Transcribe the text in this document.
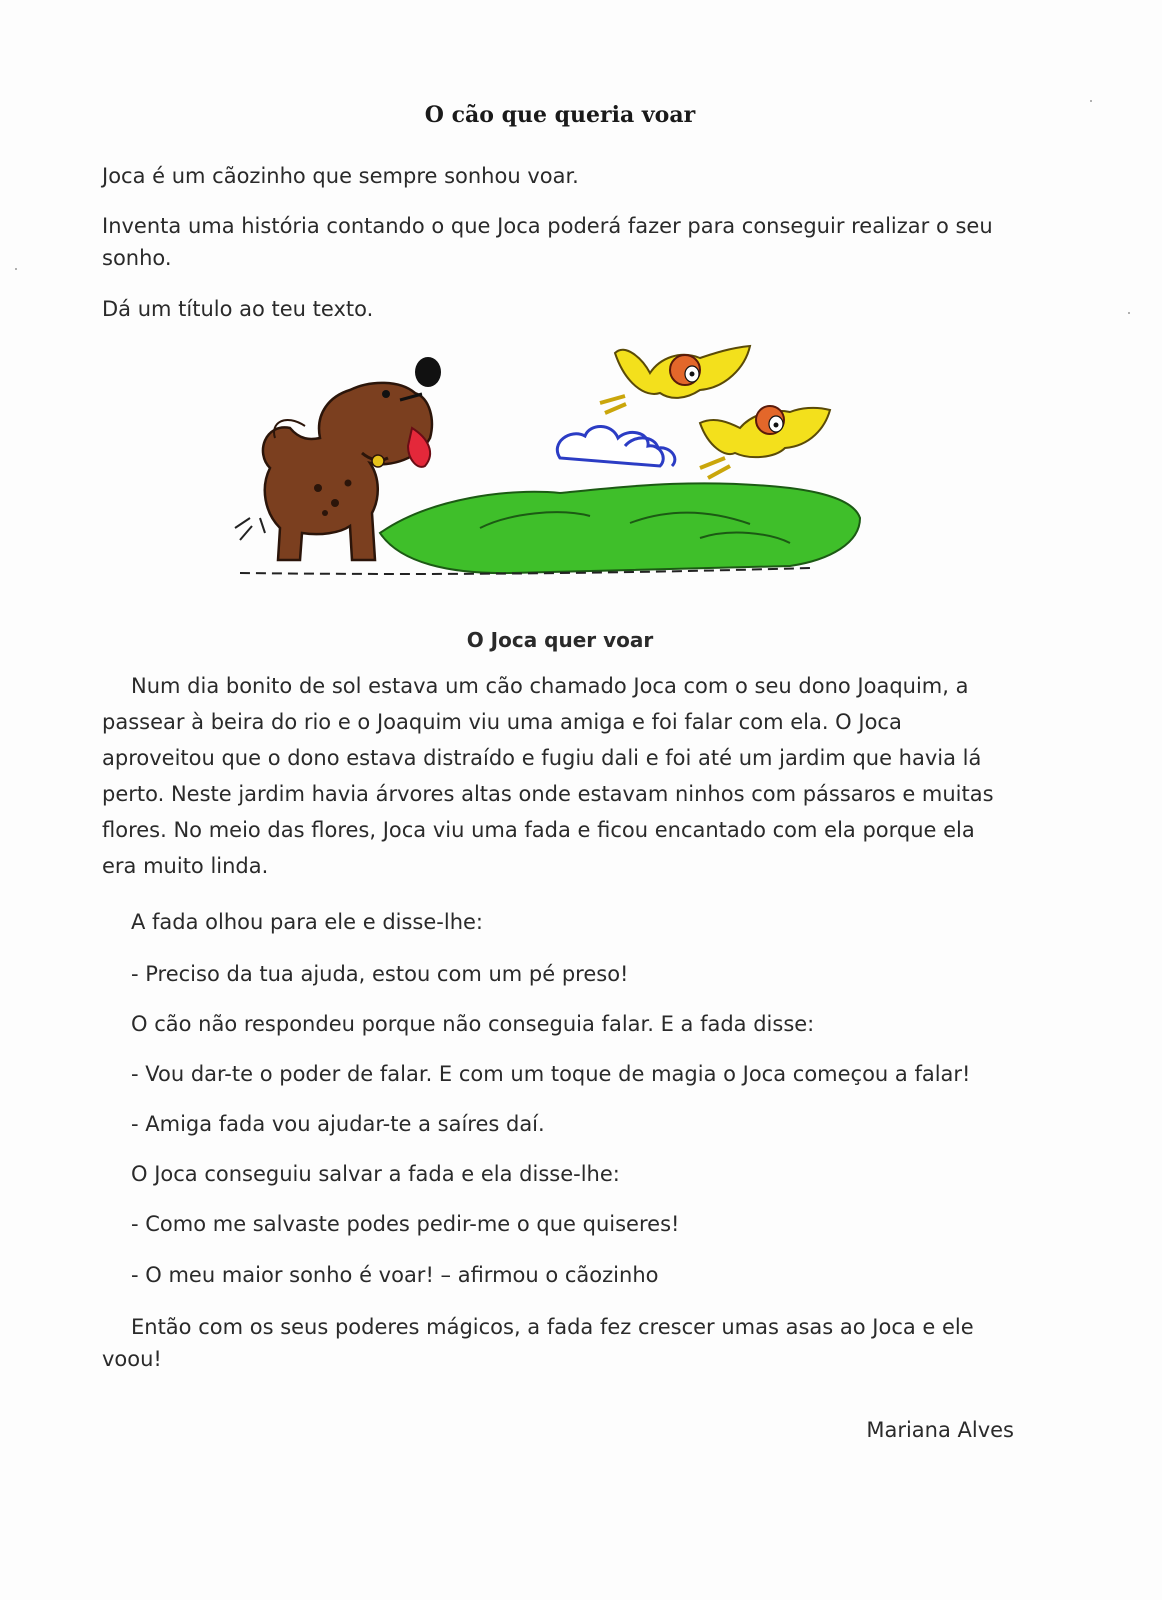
O cão que queria voar
Joca é um cãozinho que sempre sonhou voar.
Inventa uma história contando o que Joca poderá fazer para conseguir realizar o seu
sonho.
Dá um título ao teu texto.
O Joca quer voar
Num dia bonito de sol estava um cão chamado Joca com o seu dono Joaquim, a
passear à beira do rio e o Joaquim viu uma amiga e foi falar com ela. O Joca
aproveitou que o dono estava distraído e fugiu dali e foi até um jardim que havia lá
perto. Neste jardim havia árvores altas onde estavam ninhos com pássaros e muitas
flores. No meio das flores, Joca viu uma fada e ficou encantado com ela porque ela
era muito linda.
A fada olhou para ele e disse-lhe:
- Preciso da tua ajuda, estou com um pé preso!
O cão não respondeu porque não conseguia falar. E a fada disse:
- Vou dar-te o poder de falar. E com um toque de magia o Joca começou a falar!
- Amiga fada vou ajudar-te a saíres daí.
O Joca conseguiu salvar a fada e ela disse-lhe:
- Como me salvaste podes pedir-me o que quiseres!
- O meu maior sonho é voar! – afirmou o cãozinho
Então com os seus poderes mágicos, a fada fez crescer umas asas ao Joca e ele
voou!
Mariana Alves
